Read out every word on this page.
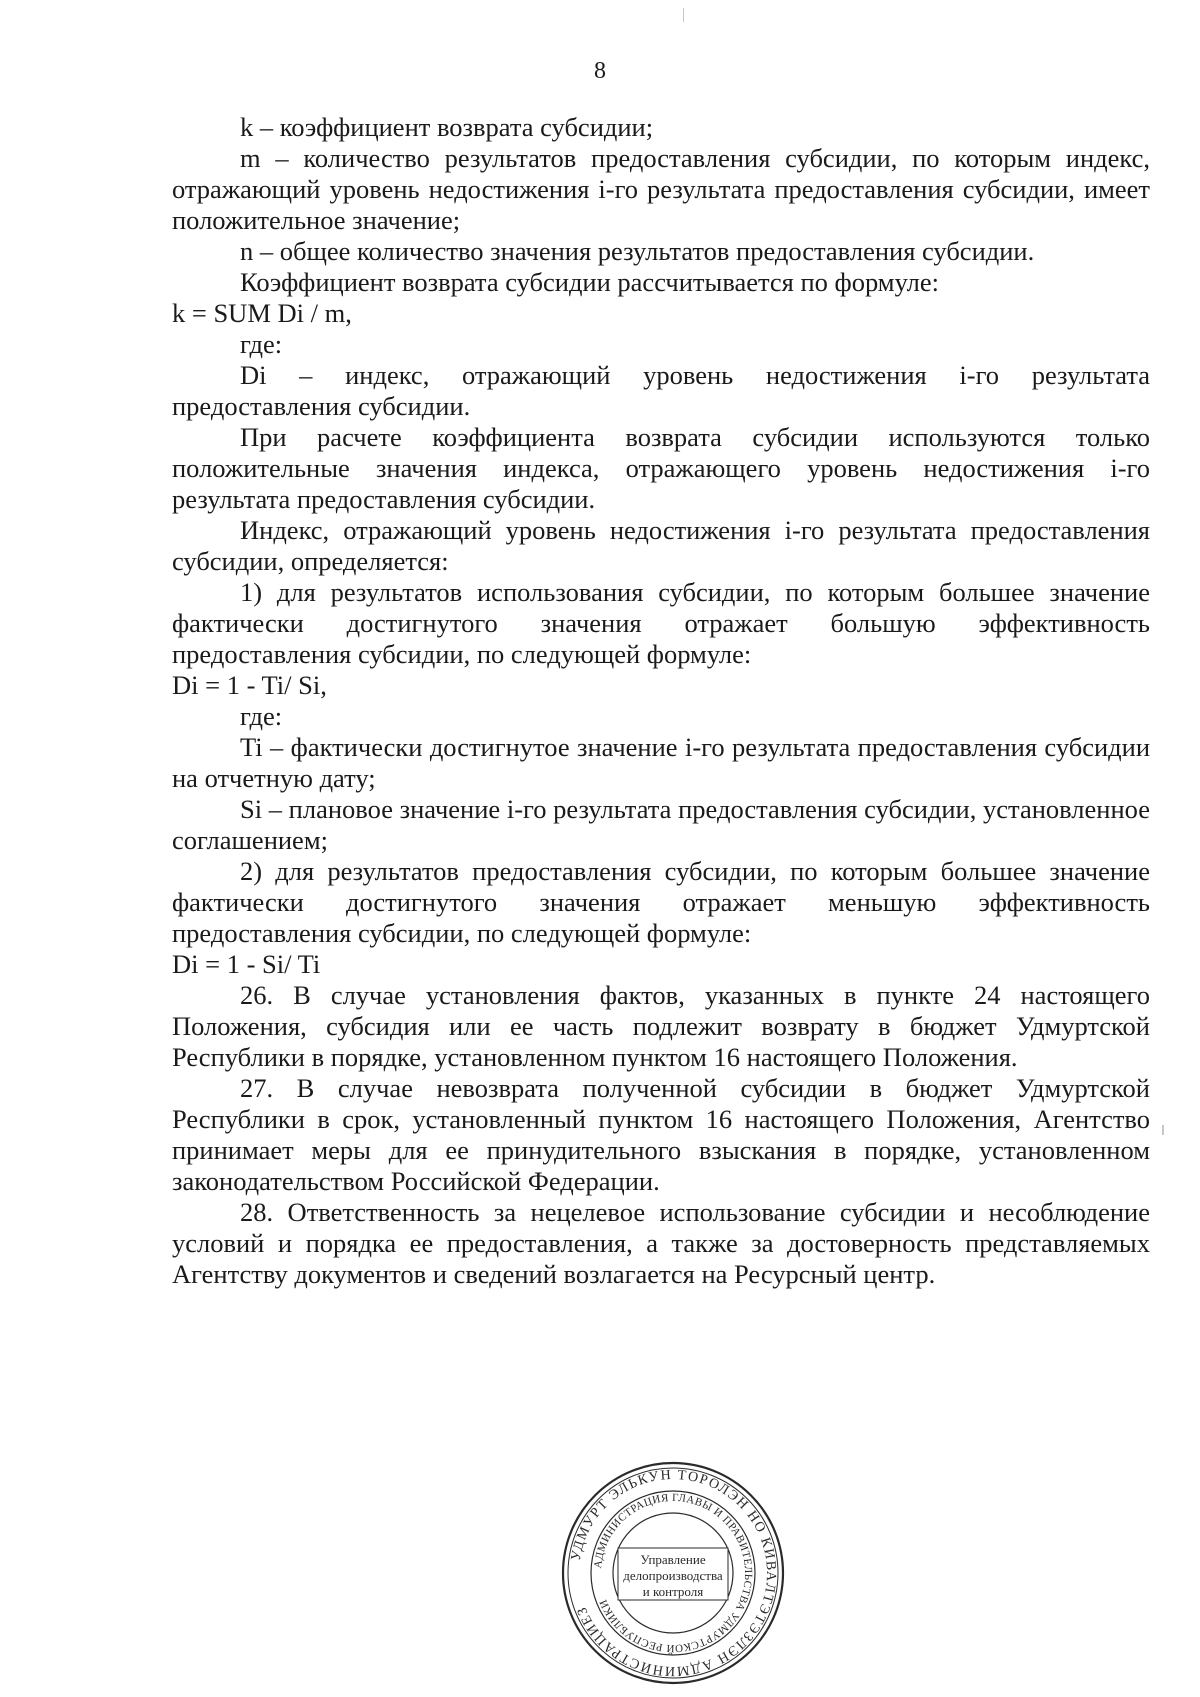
8

k – коэффициент возврата субсидии;

m – количество результатов предоставления субсидии, по которым индекс, отражающий уровень недостижения i-го результата предоставления субсидии, имеет положительное значение;

n – общее количество значения результатов предоставления субсидии.

Коэффициент возврата субсидии рассчитывается по формуле:

k = SUM Di / m,

где:

Di – индекс, отражающий уровень недостижения i-го результата предоставления субсидии.

При расчете коэффициента возврата субсидии используются только положительные значения индекса, отражающего уровень недостижения i-го результата предоставления субсидии.

Индекс, отражающий уровень недостижения i-го результата предоставления субсидии, определяется:

1) для результатов использования субсидии, по которым большее значение фактически достигнутого значения отражает большую эффективность предоставления субсидии, по следующей формуле:

Di = 1 - Ti/ Si,

где:

Ti – фактически достигнутое значение i-го результата предоставления субсидии на отчетную дату;

Si – плановое значение i-го результата предоставления субсидии, установленное соглашением;

2) для результатов предоставления субсидии, по которым большее значение фактически достигнутого значения отражает меньшую эффективность предоставления субсидии, по следующей формуле:

Di = 1 - Si/ Ti

26. В случае установления фактов, указанных в пункте 24 настоящего Положения, субсидия или ее часть подлежит возврату в бюджет Удмуртской Республики в порядке, установленном пунктом 16 настоящего Положения.

27. В случае невозврата полученной субсидии в бюджет Удмуртской Республики в срок, установленный пунктом 16 настоящего Положения, Агентство принимает меры для ее принудительного взыскания в порядке, установленном законодательством Российской Федерации.

28. Ответственность за нецелевое использование субсидии и несоблюдение условий и порядка ее предоставления, а также за достоверность представляемых Агентству документов и сведений возлагается на Ресурсный центр.

УДМУРТ ЭЛЬКУН ТОРОЛЭН НО КИВАЛТЭТЭЗЛЭН АДМИНИСТРАЦИЕЗ
АДМИНИСТРАЦИЯ ГЛАВЫ И ПРАВИТЕЛЬСТВА УДМУРТСКОЙ РЕСПУБЛИКИ
Управление
делопроизводства
и контроля
